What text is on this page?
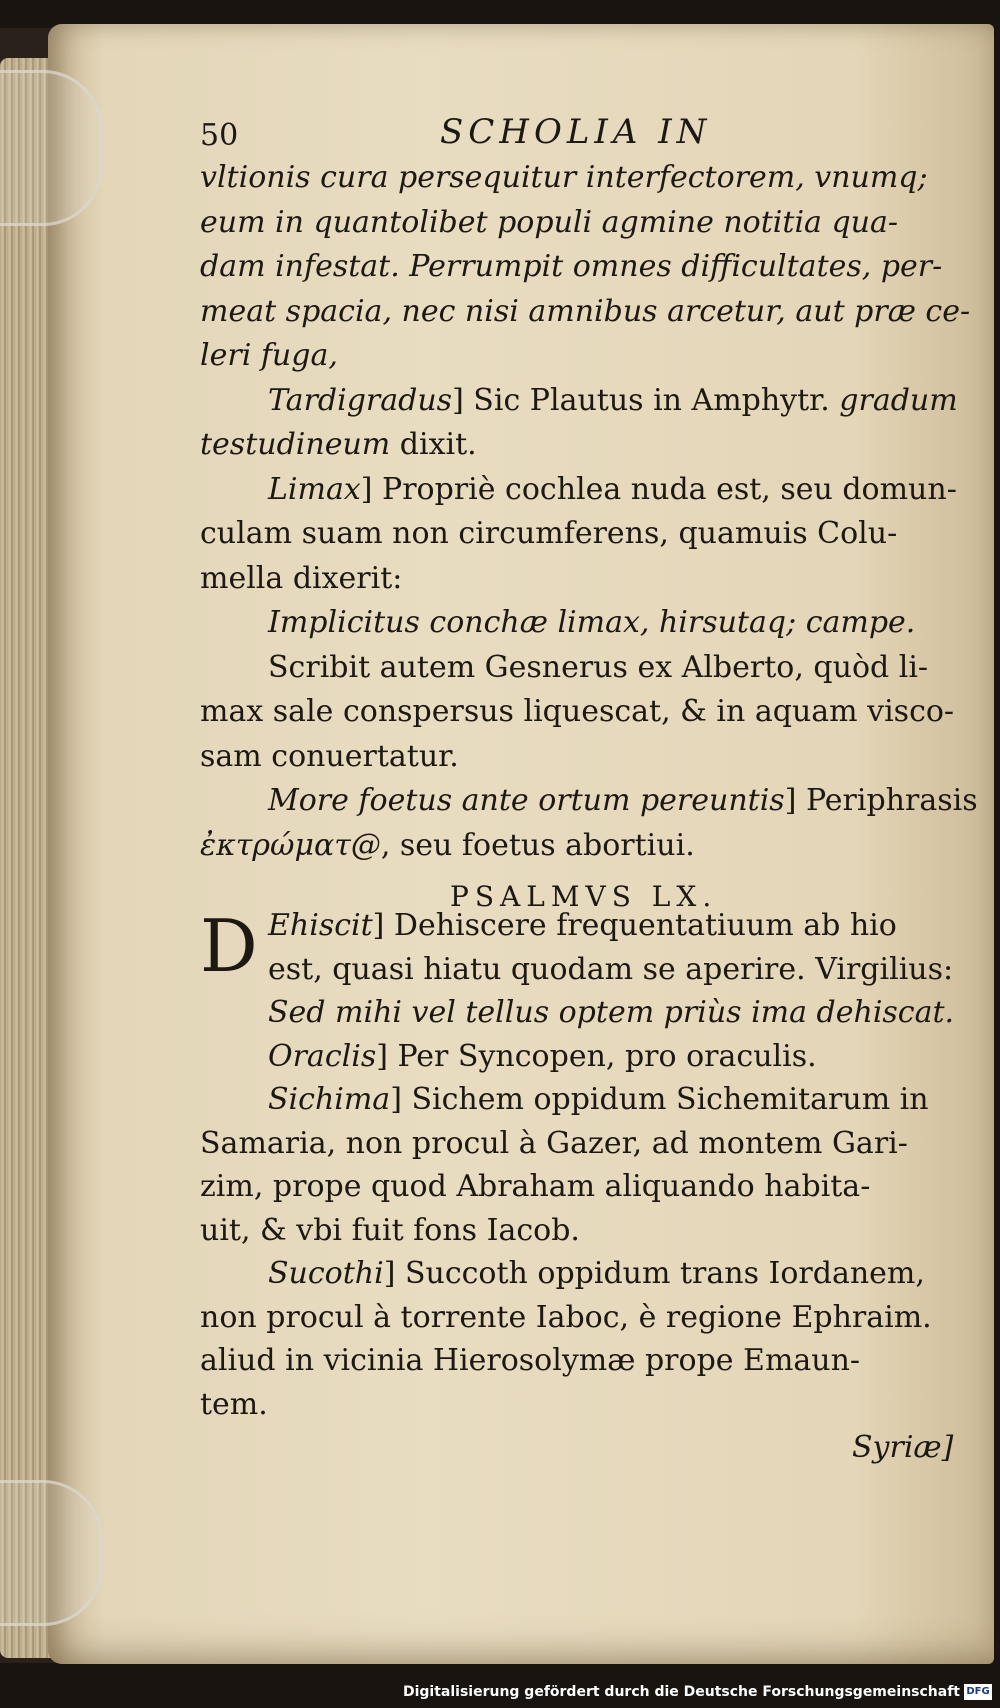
50	SCHOLIA IN
vltionis cura persequitur interfectorem, vnumq;
eum in quantolibet populi agmine notitia qua-
dam infestat. Perrumpit omnes difficultates, per-
meat spacia, nec nisi amnibus arcetur, aut præ ce-
leri fuga,
Tardigradus] Sic Plautus in Amphytr. gradum
testudineum dixit.
Limax] Propriè cochlea nuda est, seu domun-
culam suam non circumferens, quamuis Colu-
mella dixerit:
Implicitus conchæ limax, hirsutaq; campe.
Scribit autem Gesnerus ex Alberto, quòd li-
max sale conspersus liquescat, & in aquam visco-
sam conuertatur.
More foetus ante ortum pereuntis] Periphrasis
ἐκτρώματ@, seu foetus abortiui.
PSALMVS LX.
D Ehiscit] Dehiscere frequentatiuum ab hio
est, quasi hiatu quodam se aperire. Virgilius:
Sed mihi vel tellus optem priùs ima dehiscat.
Oraclis] Per Syncopen, pro oraculis.
Sichima] Sichem oppidum Sichemitarum in
Samaria, non procul à Gazer, ad montem Gari-
zim, prope quod Abraham aliquando habita-
uit, & vbi fuit fons Iacob.
Sucothi] Succoth oppidum trans Iordanem,
non procul à torrente Iaboc, è regione Ephraim.
aliud in vicinia Hierosolymæ prope Emaun-
tem.
Syriæ]
Digitalisierung gefördert durch die Deutsche Forschungsgemeinschaft DFG
